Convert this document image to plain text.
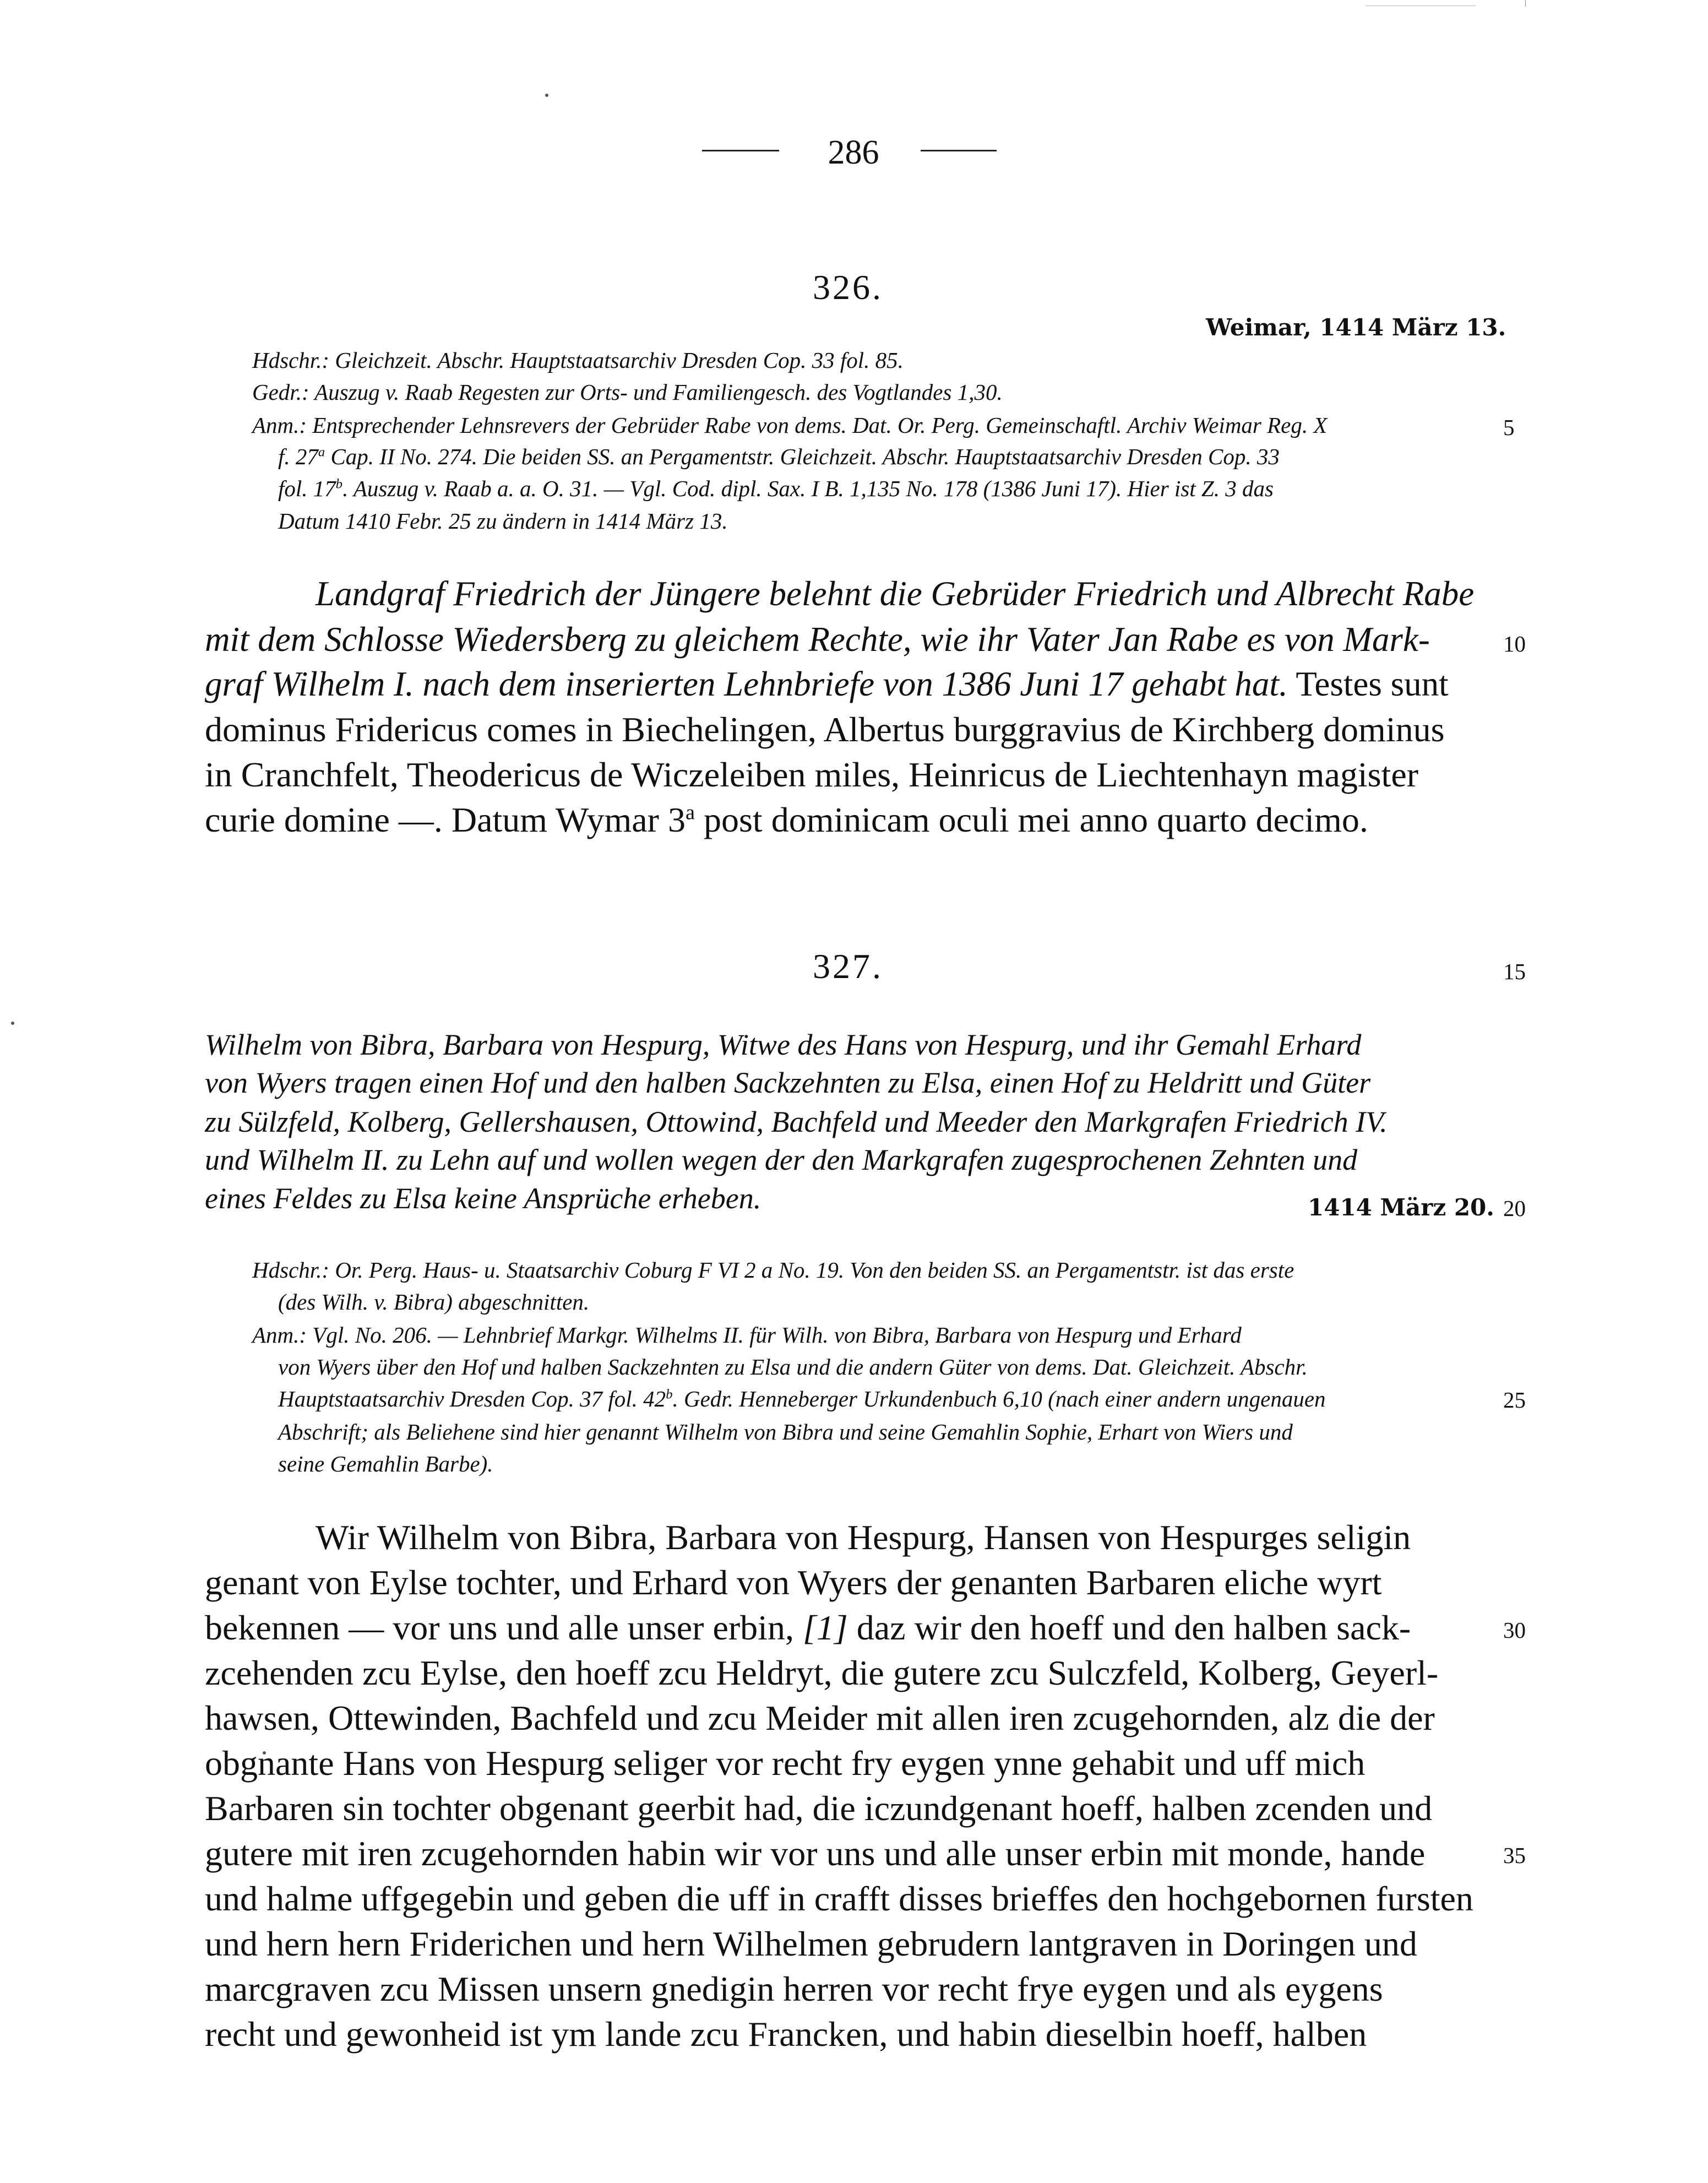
286
326.
Weimar, 1414 März 13.
Hdschr.: Gleichzeit. Abschr. Hauptstaatsarchiv Dresden Cop. 33 fol. 85.
Gedr.: Auszug v. Raab Regesten zur Orts- und Familiengesch. des Vogtlandes 1,30.
Anm.: Entsprechender Lehnsrevers der Gebrüder Rabe von dems. Dat. Or. Perg. Gemeinschaftl. Archiv Weimar Reg. X
f. 27$^a$ Cap. II No. 274. Die beiden SS. an Pergamentstr. Gleichzeit. Abschr. Hauptstaatsarchiv Dresden Cop. 33
fol. 17$^b$. Auszug v. Raab a. a. O. 31. — Vgl. Cod. dipl. Sax. I B. 1,135 No. 178 (1386 Juni 17). Hier ist Z. 3 das
Datum 1410 Febr. 25 zu ändern in 1414 März 13.
Landgraf Friedrich der Jüngere belehnt die Gebrüder Friedrich und Albrecht Rabe
mit dem Schlosse Wiedersberg zu gleichem Rechte, wie ihr Vater Jan Rabe es von Mark-
graf Wilhelm I. nach dem inserierten Lehnbriefe von 1386 Juni 17 gehabt hat. Testes sunt
dominus Fridericus comes in Biechelingen, Albertus burggravius de Kirchberg dominus
in Cranchfelt, Theodericus de Wiczeleiben miles, Heinricus de Liechtenhayn magister
curie domine —. Datum Wymar 3$^a$ post dominicam oculi mei anno quarto decimo.
327.
Wilhelm von Bibra, Barbara von Hespurg, Witwe des Hans von Hespurg, und ihr Gemahl Erhard
von Wyers tragen einen Hof und den halben Sackzehnten zu Elsa, einen Hof zu Heldritt und Güter
zu Sülzfeld, Kolberg, Gellershausen, Ottowind, Bachfeld und Meeder den Markgrafen Friedrich IV.
und Wilhelm II. zu Lehn auf und wollen wegen der den Markgrafen zugesprochenen Zehnten und
eines Feldes zu Elsa keine Ansprüche erheben.	1414 März 20.
Hdschr.: Or. Perg. Haus- u. Staatsarchiv Coburg F VI 2 a No. 19. Von den beiden SS. an Pergamentstr. ist das erste
(des Wilh. v. Bibra) abgeschnitten.
Anm.: Vgl. No. 206. — Lehnbrief Markgr. Wilhelms II. für Wilh. von Bibra, Barbara von Hespurg und Erhard
von Wyers über den Hof und halben Sackzehnten zu Elsa und die andern Güter von dems. Dat. Gleichzeit. Abschr.
Hauptstaatsarchiv Dresden Cop. 37 fol. 42$^b$. Gedr. Henneberger Urkundenbuch 6,10 (nach einer andern ungenauen
Abschrift; als Beliehene sind hier genannt Wilhelm von Bibra und seine Gemahlin Sophie, Erhart von Wiers und
seine Gemahlin Barbe).
Wir Wilhelm von Bibra, Barbara von Hespurg, Hansen von Hespurges seligin
genant von Eylse tochter, und Erhard von Wyers der genanten Barbaren eliche wyrt
bekennen — vor uns und alle unser erbin, [1] daz wir den hoeff und den halben sack-
zcehenden zcu Eylse, den hoeff zcu Heldryt, die gutere zcu Sulczfeld, Kolberg, Geyerl-
hawsen, Ottewinden, Bachfeld und zcu Meider mit allen iren zcugehornden, alz die der
obgnante Hans von Hespurg seliger vor recht fry eygen ynne gehabit und uff mich
Barbaren sin tochter obgenant geerbit had, die iczundgenant hoeff, halben zcenden und
gutere mit iren zcugehornden habin wir vor uns und alle unser erbin mit monde, hande
und halme uffgegebin und geben die uff in crafft disses brieffes den hochgebornen fursten
und hern hern Friderichen und hern Wilhelmen gebrudern lantgraven in Doringen und
marcgraven zcu Missen unsern gnedigin herren vor recht frye eygen und als eygens
recht und gewonheid ist ym lande zcu Francken, und habin dieselbin hoeff, halben
5
10
15
20
25
30
35
